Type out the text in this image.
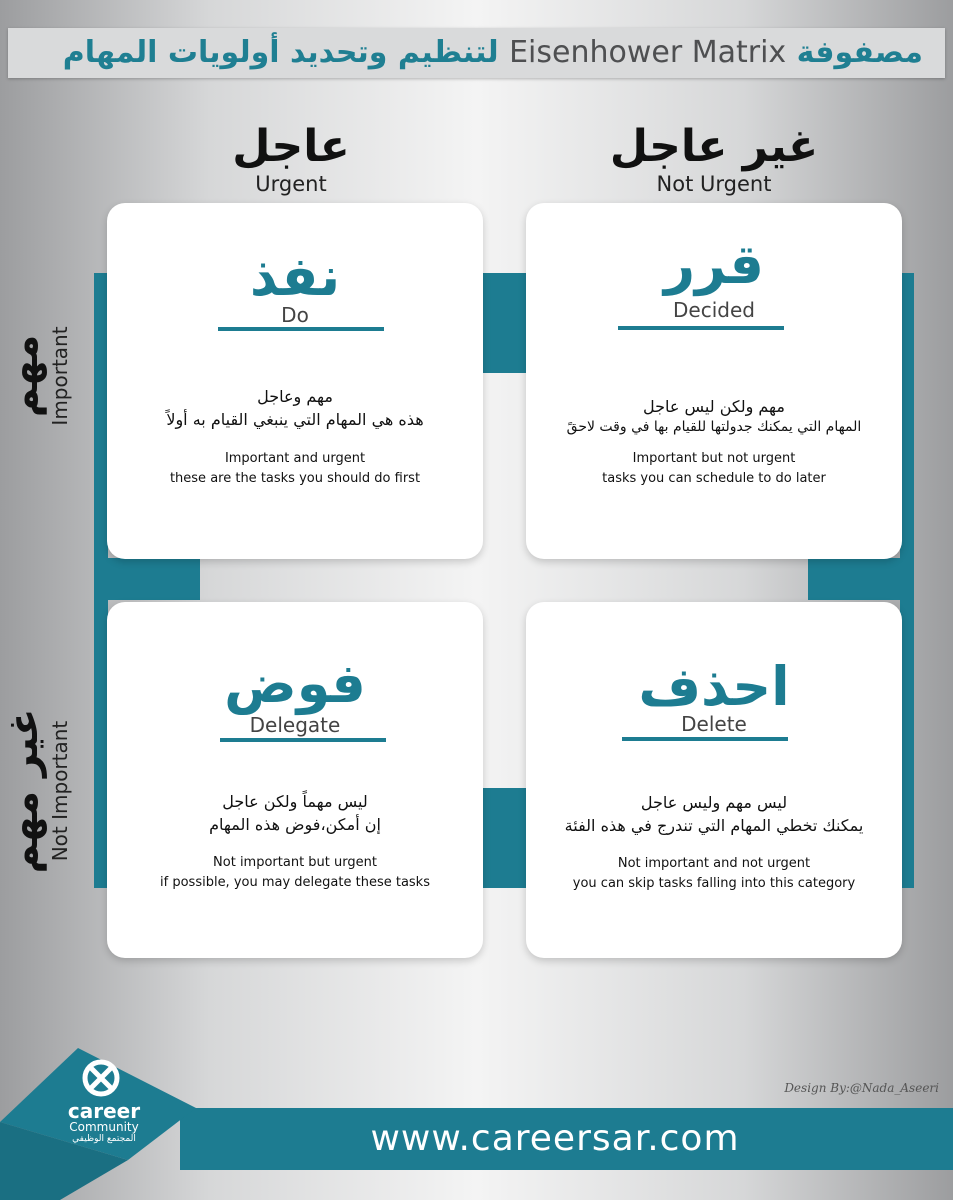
مصفوفة Eisenhower Matrix لتنظيم وتحديد أولويات المهام
عاجل
Urgent
غير عاجل
Not Urgent
مهم Important
غير مهم Not Important
نفذ
Do
مهم وعاجل
هذه هي المهام التي ينبغي القيام به أولاً
Important and urgent
these are the tasks you should do first
قرر
Decided
مهم ولكن ليس عاجل
المهام التي يمكنك جدولتها للقيام بها في وقت لاحقً
Important but not urgent
tasks you can schedule to do later
فوض
Delegate
ليس مهماً ولكن عاجل
إن أمكن،فوض هذه المهام
Not important but urgent
if possible, you may delegate these tasks
احذف
Delete
ليس مهم وليس عاجل
يمكنك تخطي المهام التي تندرج في هذه الفئة
Not important and not urgent
you can skip tasks falling into this category
Design By:@Nada_Aseeri
www.careersar.com
career
Community
المجتمع الوظيفي
